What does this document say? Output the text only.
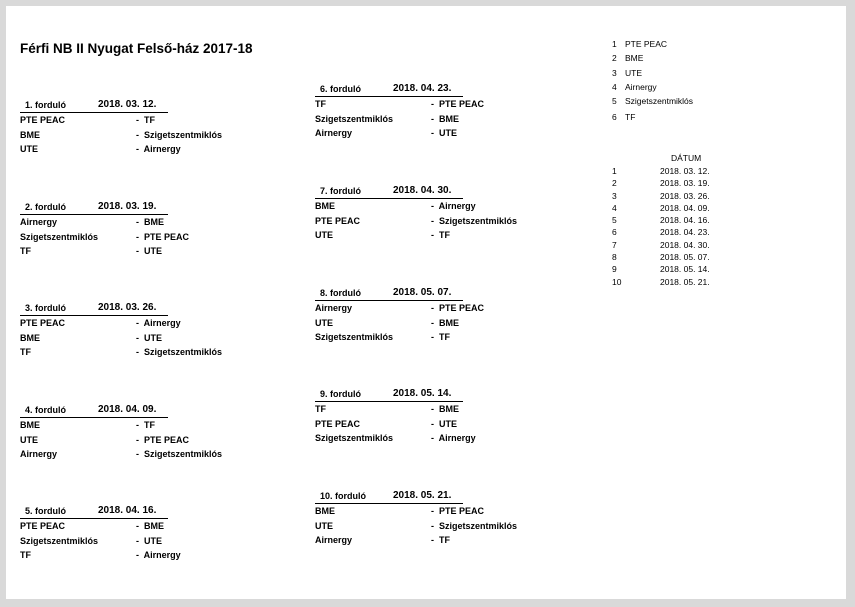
Férfi NB II Nyugat Felső-ház 2017-18
1. forduló	2018. 03. 12.
PTE PEAC	- TF
BME	- Szigetszentmiklós
UTE	- Airnergy
2. forduló	2018. 03. 19.
Airnergy	- BME
Szigetszentmiklós	- PTE PEAC
TF	- UTE
3. forduló	2018. 03. 26.
PTE PEAC	- Airnergy
BME	- UTE
TF	- Szigetszentmiklós
4. forduló	2018. 04. 09.
BME	- TF
UTE	- PTE PEAC
Airnergy	- Szigetszentmiklós
5. forduló	2018. 04. 16.
PTE PEAC	- BME
Szigetszentmiklós	- UTE
TF	- Airnergy
6. forduló	2018. 04. 23.
TF	- PTE PEAC
Szigetszentmiklós	- BME
Airnergy	- UTE
7. forduló	2018. 04. 30.
BME	- Airnergy
PTE PEAC	- Szigetszentmiklós
UTE	- TF
8. forduló	2018. 05. 07.
Airnergy	- PTE PEAC
UTE	- BME
Szigetszentmiklós	- TF
9. forduló	2018. 05. 14.
TF	- BME
PTE PEAC	- UTE
Szigetszentmiklós	- Airnergy
10. forduló	2018. 05. 21.
BME	- PTE PEAC
UTE	- Szigetszentmiklós
Airnergy	- TF
1 PTE PEAC
2 BME
3 UTE
4 Airnergy
5 Szigetszentmiklós
6 TF
DÁTUM
1	2018. 03. 12.
2	2018. 03. 19.
3	2018. 03. 26.
4	2018. 04. 09.
5	2018. 04. 16.
6	2018. 04. 23.
7	2018. 04. 30.
8	2018. 05. 07.
9	2018. 05. 14.
10	2018. 05. 21.
